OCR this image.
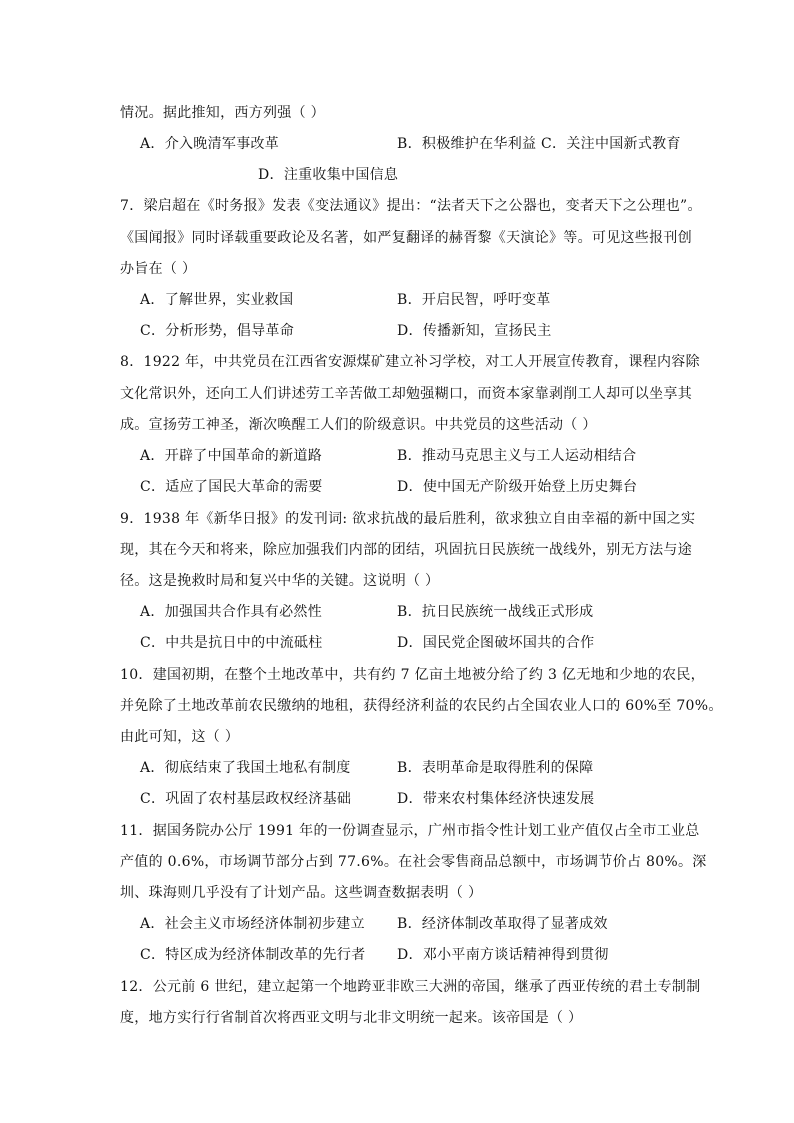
情况。据此推知，西方列强（ ）
A．介入晚清军事改革	B．积极维护在华利益 C．关注中国新式教育
D．注重收集中国信息
7．梁启超在《时务报》发表《变法通议》提出：“法者天下之公器也，变者天下之公理也”。
《国闻报》同时译载重要政论及名著，如严复翻译的赫胥黎《天演论》等。可见这些报刊创
办旨在（ ）
A．了解世界，实业救国	B．开启民智，呼吁变革
C．分析形势，倡导革命	D．传播新知，宣扬民主
8．1922 年，中共党员在江西省安源煤矿建立补习学校，对工人开展宣传教育，课程内容除
文化常识外，还向工人们讲述劳工辛苦做工却勉强糊口，而资本家靠剥削工人却可以坐享其
成。宣扬劳工神圣，渐次唤醒工人们的阶级意识。中共党员的这些活动（ ）
A．开辟了中国革命的新道路	B．推动马克思主义与工人运动相结合
C．适应了国民大革命的需要	D．使中国无产阶级开始登上历史舞台
9．1938 年《新华日报》的发刊词: 欲求抗战的最后胜利，欲求独立自由幸福的新中国之实
现，其在今天和将来，除应加强我们内部的团结，巩固抗日民族统一战线外，别无方法与途
径。这是挽救时局和复兴中华的关键。这说明（ ）
A．加强国共合作具有必然性	B．抗日民族统一战线正式形成
C．中共是抗日中的中流砥柱	D．国民党企图破坏国共的合作
10．建国初期，在整个土地改革中，共有约 7 亿亩土地被分给了约 3 亿无地和少地的农民，
并免除了土地改革前农民缴纳的地租，获得经济利益的农民约占全国农业人口的 60%至 70%。
由此可知，这（ ）
A．彻底结束了我国土地私有制度	B．表明革命是取得胜利的保障
C．巩固了农村基层政权经济基础	D．带来农村集体经济快速发展
11．据国务院办公厅 1991 年的一份调查显示，广州市指令性计划工业产值仅占全市工业总
产值的 0.6%，市场调节部分占到 77.6%。在社会零售商品总额中，市场调节价占 80%。深
圳、珠海则几乎没有了计划产品。这些调查数据表明（ ）
A．社会主义市场经济体制初步建立 B．经济体制改革取得了显著成效
C．特区成为经济体制改革的先行者 D．邓小平南方谈话精神得到贯彻
12．公元前 6 世纪，建立起第一个地跨亚非欧三大洲的帝国，继承了西亚传统的君土专制制
度，地方实行行省制首次将西亚文明与北非文明统一起来。该帝国是（ ）
